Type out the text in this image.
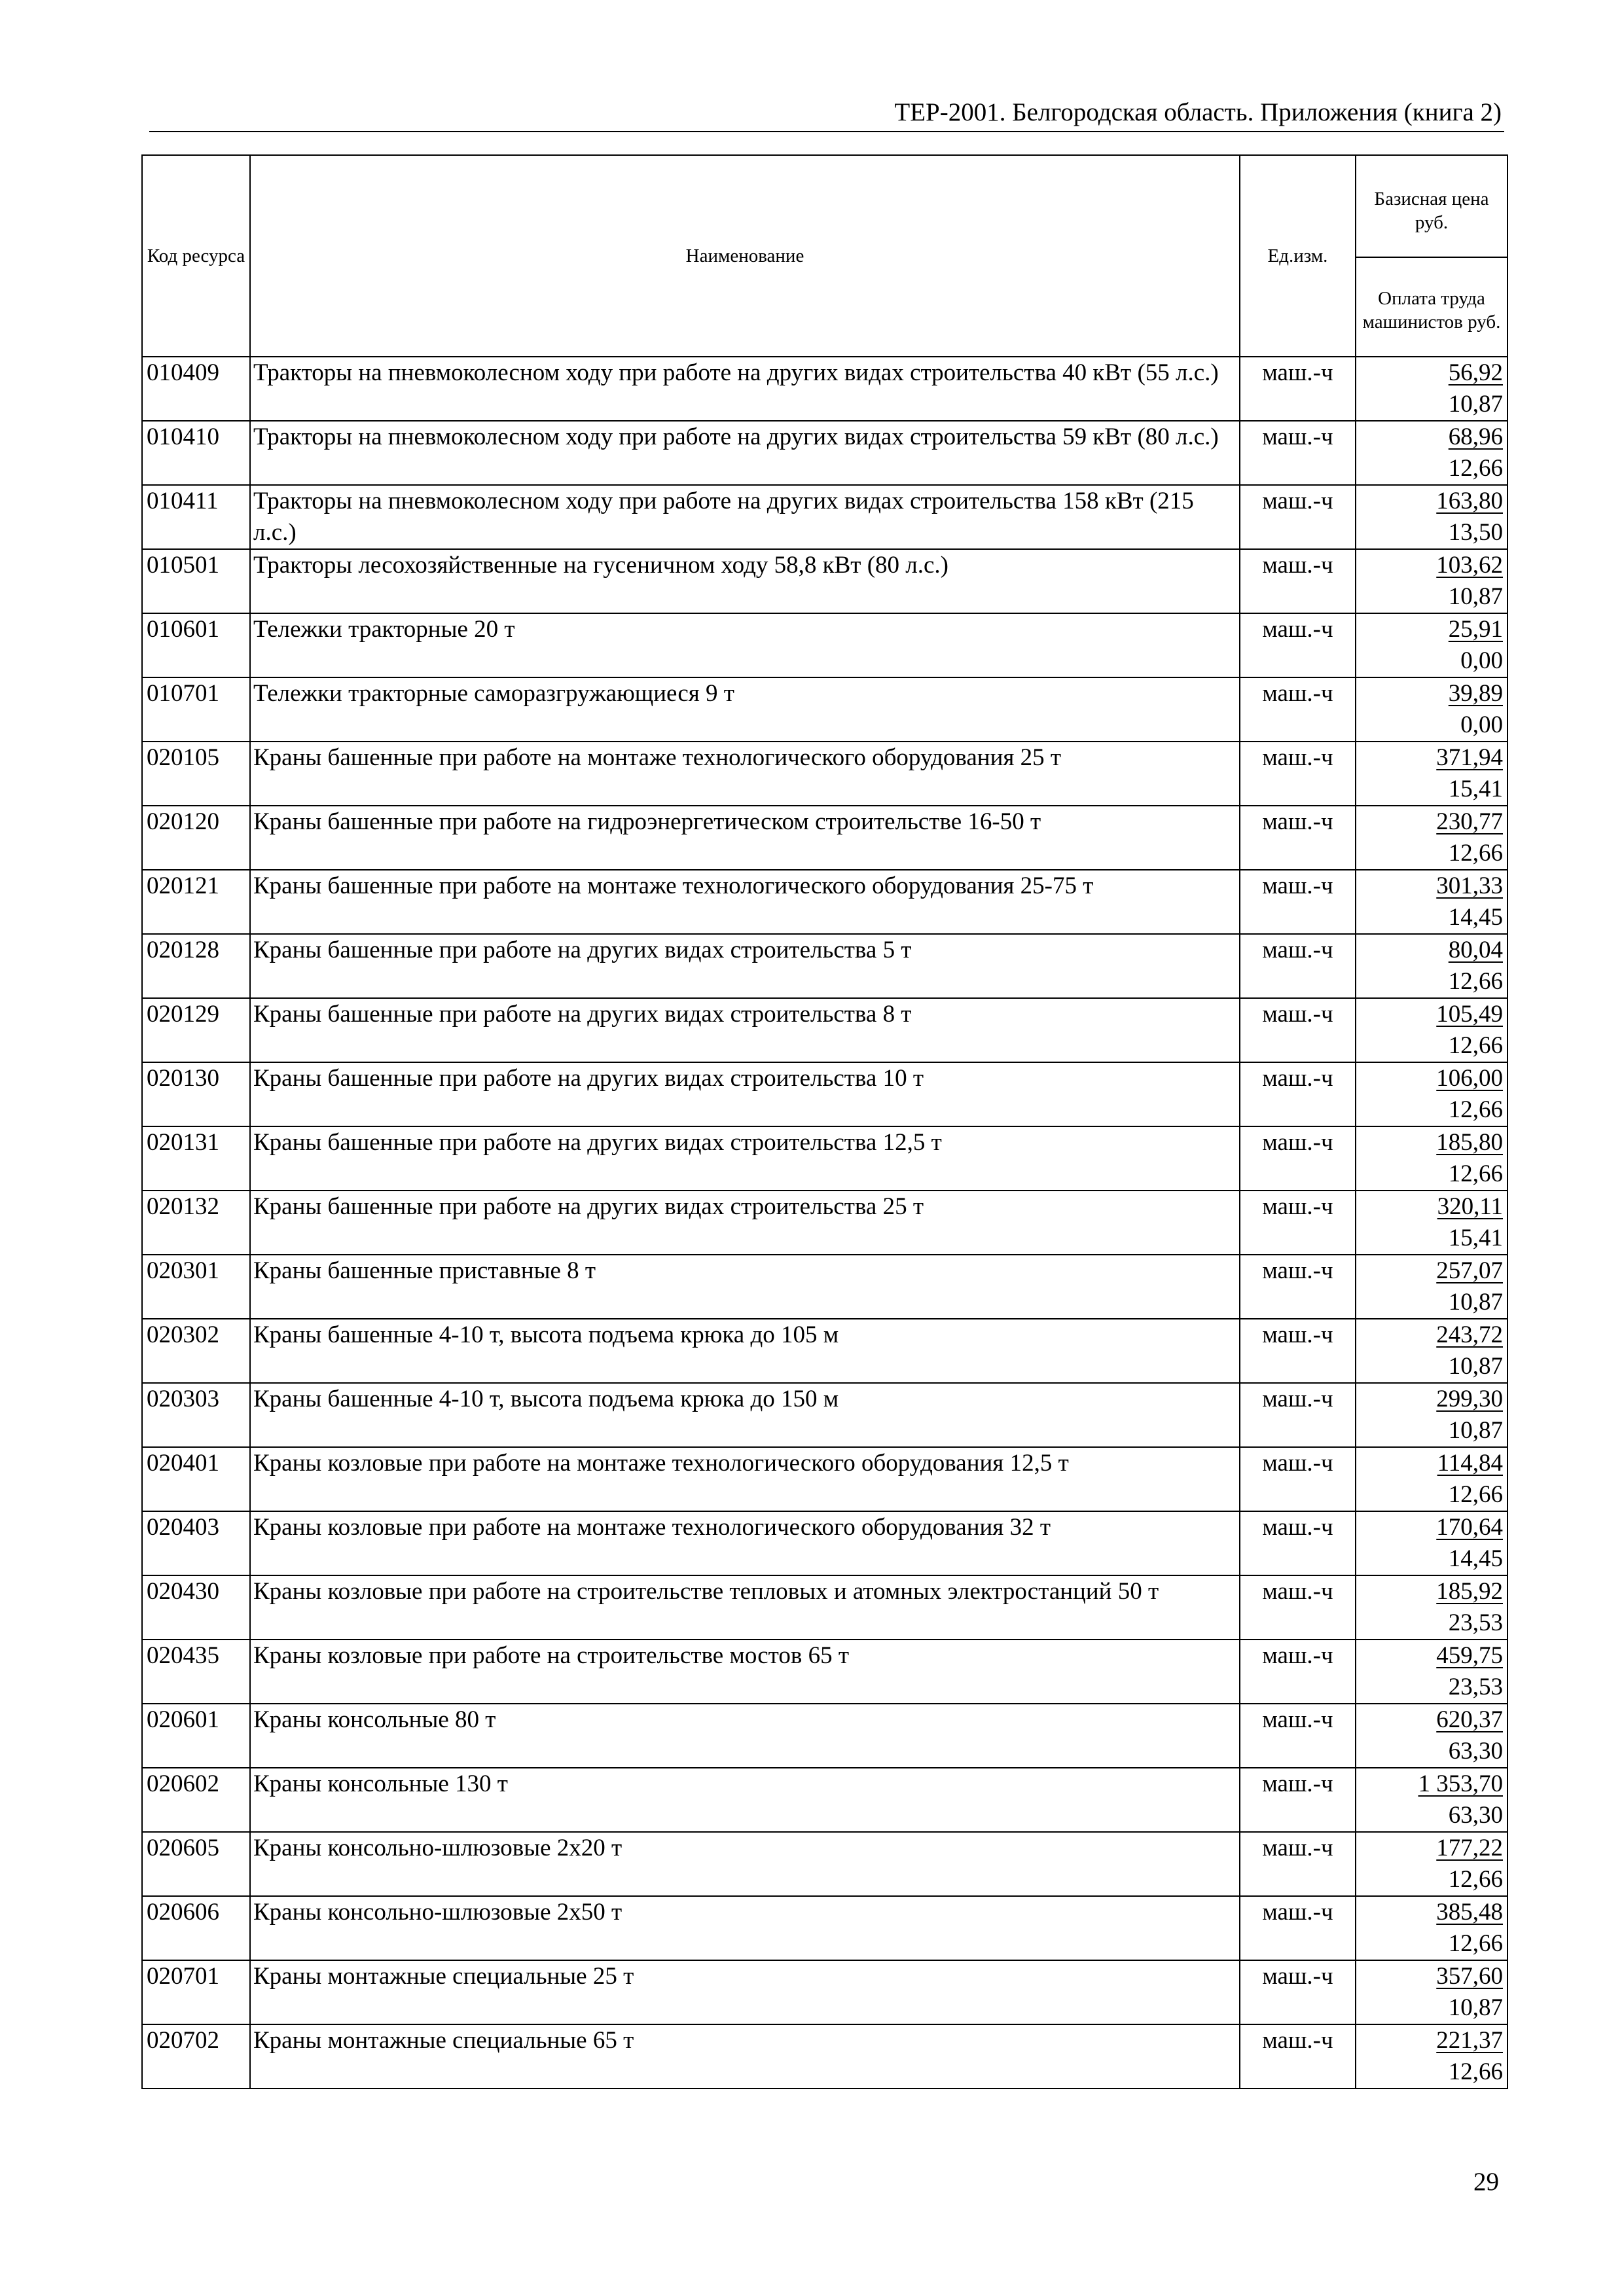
ТЕР-2001. Белгородская область. Приложения (книга 2)
Код ресурса	Наименование	Ед.изм.	Базисная цена руб.
			Оплата труда машинистов руб.
010409	Тракторы на пневмоколесном ходу при работе на других видах строительства 40 кВт (55 л.с.)	маш.-ч	56,92
10,87

010410	Тракторы на пневмоколесном ходу при работе на других видах строительства 59 кВт (80 л.с.)	маш.-ч	68,96
12,66

010411	Тракторы на пневмоколесном ходу при работе на других видах строительства 158 кВт (215 л.с.)	маш.-ч	163,80
13,50

010501	Тракторы лесохозяйственные на гусеничном ходу 58,8 кВт (80 л.с.)	маш.-ч	103,62
10,87

010601	Тележки тракторные 20 т	маш.-ч	25,91
0,00

010701	Тележки тракторные саморазгружающиеся 9 т	маш.-ч	39,89
0,00

020105	Краны башенные при работе на монтаже технологического оборудования 25 т	маш.-ч	371,94
15,41

020120	Краны башенные при работе на гидроэнергетическом строительстве 16-50 т	маш.-ч	230,77
12,66

020121	Краны башенные при работе на монтаже технологического оборудования 25-75 т	маш.-ч	301,33
14,45

020128	Краны башенные при работе на других видах строительства 5 т	маш.-ч	80,04
12,66

020129	Краны башенные при работе на других видах строительства 8 т	маш.-ч	105,49
12,66

020130	Краны башенные при работе на других видах строительства 10 т	маш.-ч	106,00
12,66

020131	Краны башенные при работе на других видах строительства 12,5 т	маш.-ч	185,80
12,66

020132	Краны башенные при работе на других видах строительства 25 т	маш.-ч	320,11
15,41

020301	Краны башенные приставные 8 т	маш.-ч	257,07
10,87

020302	Краны башенные 4-10 т, высота подъема крюка до 105 м	маш.-ч	243,72
10,87

020303	Краны башенные 4-10 т, высота подъема крюка до 150 м	маш.-ч	299,30
10,87

020401	Краны козловые при работе на монтаже технологического оборудования 12,5 т	маш.-ч	114,84
12,66

020403	Краны козловые при работе на монтаже технологического оборудования 32 т	маш.-ч	170,64
14,45

020430	Краны козловые при работе на строительстве тепловых и атомных электростанций 50 т	маш.-ч	185,92
23,53

020435	Краны козловые при работе на строительстве мостов 65 т	маш.-ч	459,75
23,53

020601	Краны консольные 80 т	маш.-ч	620,37
63,30

020602	Краны консольные 130 т	маш.-ч	1 353,70
63,30

020605	Краны консольно-шлюзовые 2х20 т	маш.-ч	177,22
12,66

020606	Краны консольно-шлюзовые 2х50 т	маш.-ч	385,48
12,66

020701	Краны монтажные специальные 25 т	маш.-ч	357,60
10,87

020702	Краны монтажные специальные 65 т	маш.-ч	221,37
12,66
29
